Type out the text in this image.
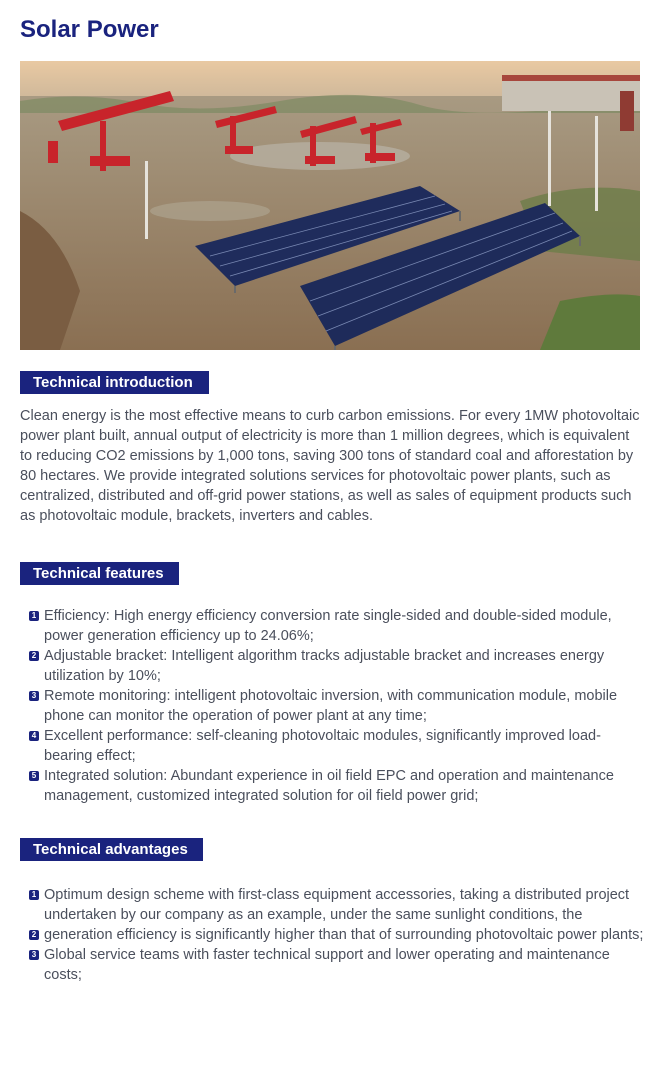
Solar Power
Technical introduction

Clean energy is the most effective means to curb carbon emissions. For every 1MW photovoltaic power plant built, annual output of electricity is more than 1 million degrees, which is equivalent to reducing CO2 emissions by 1,000 tons, saving 300 tons of standard coal and afforestation by 80 hectares. We provide integrated solutions services for photovoltaic power plants, such as centralized, distributed and off-grid power stations, as well as sales of equipment products such as photovoltaic module, brackets, inverters and cables.

Technical features
1 Efficiency: High energy efficiency conversion rate single-sided and double-sided module, power generation efficiency up to 24.06%;
2 Adjustable bracket: Intelligent algorithm tracks adjustable bracket and increases energy utilization by 10%;
3 Remote monitoring: intelligent photovoltaic inversion, with communication module, mobile phone can monitor the operation of power plant at any time;
4 Excellent performance: self-cleaning photovoltaic modules, significantly improved load-bearing effect;
5 Integrated solution: Abundant experience in oil field EPC and operation and maintenance management, customized integrated solution for oil field power grid;
Technical advantages
1 Optimum design scheme with first-class equipment accessories, taking a distributed project undertaken by our company as an example, under the same sunlight conditions, the
2 generation efficiency is significantly higher than that of surrounding photovoltaic power plants;
3 Global service teams with faster technical support and lower operating and maintenance costs;
